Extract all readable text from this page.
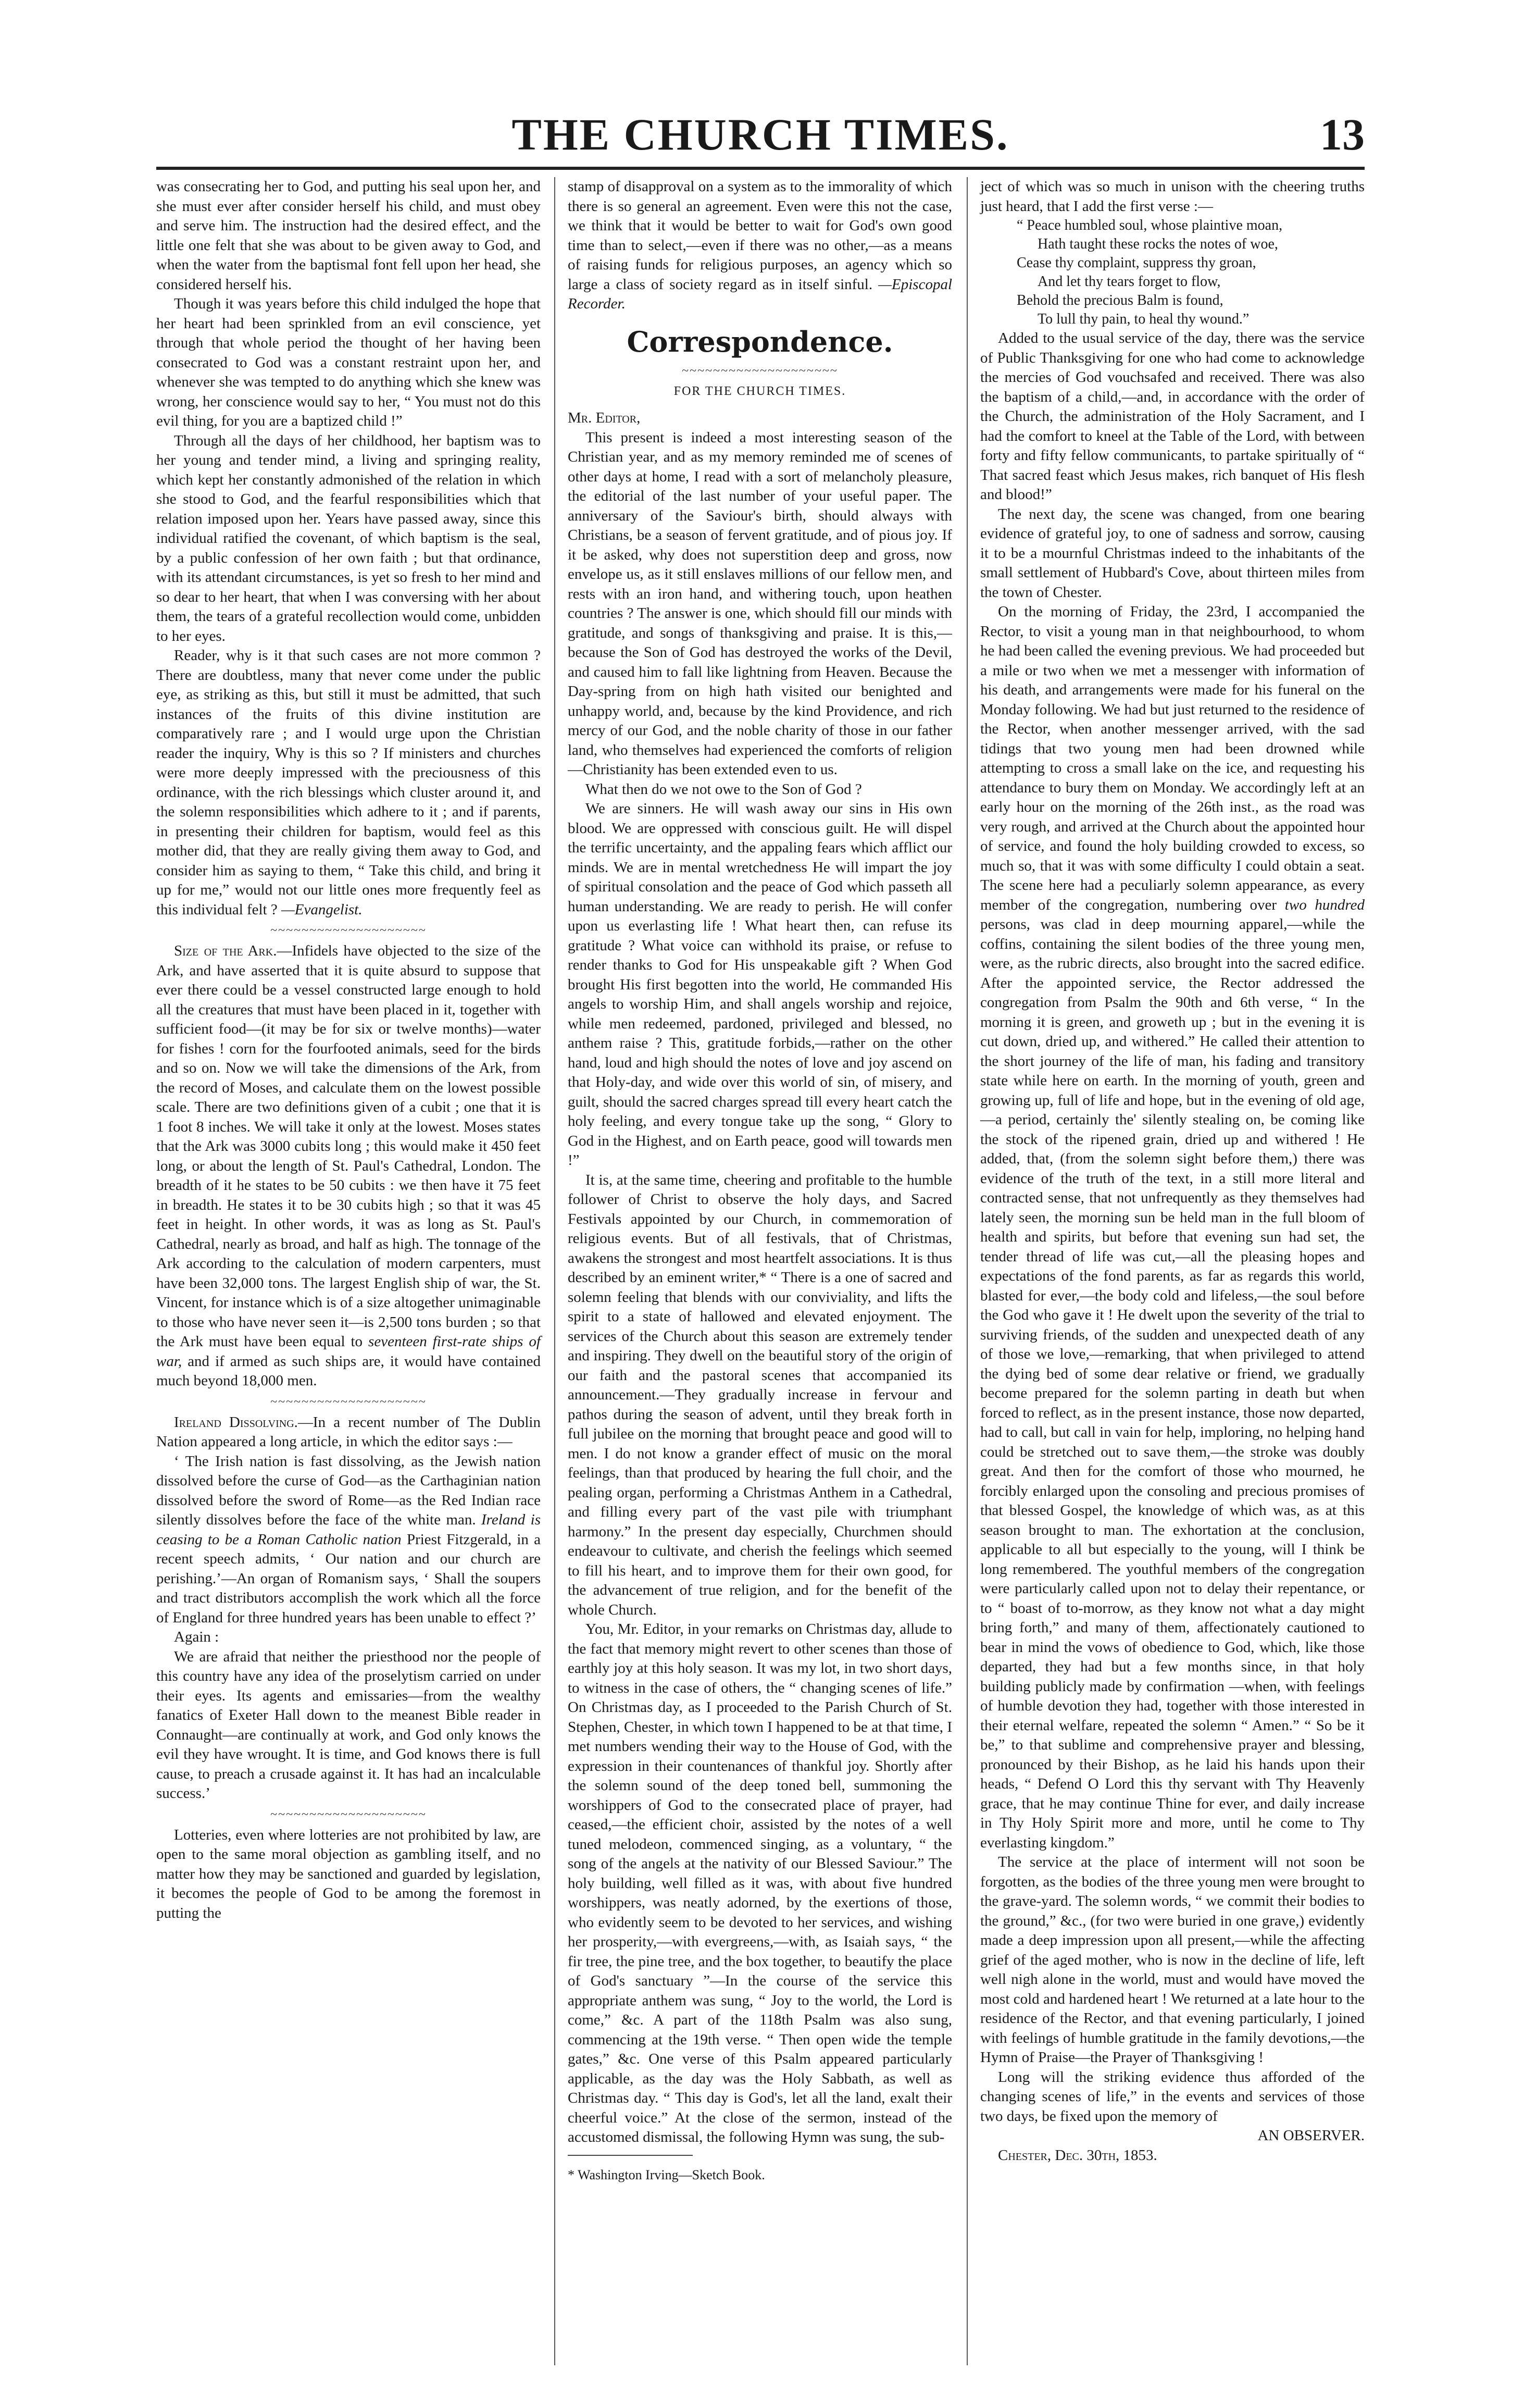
THE CHURCH TIMES.	13

was consecrating her to God, and putting his seal upon her, and she must ever after consider herself his child, and must obey and serve him. The instruction had the desired effect, and the little one felt that she was about to be given away to God, and when the water from the baptismal font fell upon her head, she considered herself his.

Though it was years before this child indulged the hope that her heart had been sprinkled from an evil conscience, yet through that whole period the thought of her having been consecrated to God was a constant restraint upon her, and whenever she was tempted to do anything which she knew was wrong, her conscience would say to her, “ You must not do this evil thing, for you are a baptized child !”

Through all the days of her childhood, her baptism was to her young and tender mind, a living and springing reality, which kept her constantly admonished of the relation in which she stood to God, and the fearful responsibilities which that relation imposed upon her. Years have passed away, since this individual ratified the covenant, of which baptism is the seal, by a public confession of her own faith ; but that ordinance, with its attendant circumstances, is yet so fresh to her mind and so dear to her heart, that when I was conversing with her about them, the tears of a grateful recollection would come, unbidden to her eyes.

Reader, why is it that such cases are not more common ? There are doubtless, many that never come under the public eye, as striking as this, but still it must be admitted, that such instances of the fruits of this divine institution are comparatively rare ; and I would urge upon the Christian reader the inquiry, Why is this so ? If ministers and churches were more deeply impressed with the preciousness of this ordinance, with the rich blessings which cluster around it, and the solemn responsibilities which adhere to it ; and if parents, in presenting their children for baptism, would feel as this mother did, that they are really giving them away to God, and consider him as saying to them, “ Take this child, and bring it up for me,” would not our little ones more frequently feel as this individual felt ? —Evangelist.

~~~~~~~~~~~~~~~~~~~~

Size of the Ark.—Infidels have objected to the size of the Ark, and have asserted that it is quite absurd to suppose that ever there could be a vessel constructed large enough to hold all the creatures that must have been placed in it, together with sufficient food—(it may be for six or twelve months)—water for fishes ! corn for the fourfooted animals, seed for the birds and so on. Now we will take the dimensions of the Ark, from the record of Moses, and calculate them on the lowest possible scale. There are two definitions given of a cubit ; one that it is 1 foot 8 inches. We will take it only at the lowest. Moses states that the Ark was 3000 cubits long ; this would make it 450 feet long, or about the length of St. Paul's Cathedral, London. The breadth of it he states to be 50 cubits : we then have it 75 feet in breadth. He states it to be 30 cubits high ; so that it was 45 feet in height. In other words, it was as long as St. Paul's Cathedral, nearly as broad, and half as high. The tonnage of the Ark according to the calculation of modern carpenters, must have been 32,000 tons. The largest English ship of war, the St. Vincent, for instance which is of a size altogether unimaginable to those who have never seen it—is 2,500 tons burden ; so that the Ark must have been equal to seventeen first-rate ships of war, and if armed as such ships are, it would have contained much beyond 18,000 men.

~~~~~~~~~~~~~~~~~~~~

Ireland Dissolving.—In a recent number of The Dublin Nation appeared a long article, in which the editor says :—

‘ The Irish nation is fast dissolving, as the Jewish nation dissolved before the curse of God—as the Carthaginian nation dissolved before the sword of Rome—as the Red Indian race silently dissolves before the face of the white man. Ireland is ceasing to be a Roman Catholic nation Priest Fitzgerald, in a recent speech admits, ‘ Our nation and our church are perishing.’—An organ of Romanism says, ‘ Shall the soupers and tract distributors accomplish the work which all the force of England for three hundred years has been unable to effect ?’

Again :

We are afraid that neither the priesthood nor the people of this country have any idea of the proselytism carried on under their eyes. Its agents and emissaries—from the wealthy fanatics of Exeter Hall down to the meanest Bible reader in Connaught—are continually at work, and God only knows the evil they have wrought. It is time, and God knows there is full cause, to preach a crusade against it. It has had an incalculable success.’

~~~~~~~~~~~~~~~~~~~~

Lotteries, even where lotteries are not prohibited by law, are open to the same moral objection as gambling itself, and no matter how they may be sanctioned and guarded by legislation, it becomes the people of God to be among the foremost in putting the

stamp of disapproval on a system as to the immorality of which there is so general an agreement. Even were this not the case, we think that it would be better to wait for God's own good time than to select,—even if there was no other,—as a means of raising funds for religious purposes, an agency which so large a class of society regard as in itself sinful. —Episcopal Recorder.

Correspondence.
~~~~~~~~~~~~~~~~~~~~
FOR THE CHURCH TIMES.

Mr. Editor,

This present is indeed a most interesting season of the Christian year, and as my memory reminded me of scenes of other days at home, I read with a sort of melancholy pleasure, the editorial of the last number of your useful paper. The anniversary of the Saviour's birth, should always with Christians, be a season of fervent gratitude, and of pious joy. If it be asked, why does not superstition deep and gross, now envelope us, as it still enslaves millions of our fellow men, and rests with an iron hand, and withering touch, upon heathen countries ? The answer is one, which should fill our minds with gratitude, and songs of thanksgiving and praise. It is this,—because the Son of God has destroyed the works of the Devil, and caused him to fall like lightning from Heaven. Because the Day-spring from on high hath visited our benighted and unhappy world, and, because by the kind Providence, and rich mercy of our God, and the noble charity of those in our father land, who themselves had experienced the comforts of religion—Christianity has been extended even to us.

What then do we not owe to the Son of God ?

We are sinners. He will wash away our sins in His own blood. We are oppressed with conscious guilt. He will dispel the terrific uncertainty, and the appaling fears which afflict our minds. We are in mental wretchedness He will impart the joy of spiritual consolation and the peace of God which passeth all human understanding. We are ready to perish. He will confer upon us everlasting life ! What heart then, can refuse its gratitude ? What voice can withhold its praise, or refuse to render thanks to God for His unspeakable gift ? When God brought His first begotten into the world, He commanded His angels to worship Him, and shall angels worship and rejoice, while men redeemed, pardoned, privileged and blessed, no anthem raise ? This, gratitude forbids,—rather on the other hand, loud and high should the notes of love and joy ascend on that Holy-day, and wide over this world of sin, of misery, and guilt, should the sacred charges spread till every heart catch the holy feeling, and every tongue take up the song, “ Glory to God in the Highest, and on Earth peace, good will towards men !”

It is, at the same time, cheering and profitable to the humble follower of Christ to observe the holy days, and Sacred Festivals appointed by our Church, in commemoration of religious events. But of all festivals, that of Christmas, awakens the strongest and most heartfelt associations. It is thus described by an eminent writer,* “ There is a one of sacred and solemn feeling that blends with our conviviality, and lifts the spirit to a state of hallowed and elevated enjoyment. The services of the Church about this season are extremely tender and inspiring. They dwell on the beautiful story of the origin of our faith and the pastoral scenes that accompanied its announcement.—They gradually increase in fervour and pathos during the season of advent, until they break forth in full jubilee on the morning that brought peace and good will to men. I do not know a grander effect of music on the moral feelings, than that produced by hearing the full choir, and the pealing organ, performing a Christmas Anthem in a Cathedral, and filling every part of the vast pile with triumphant harmony.” In the present day especially, Churchmen should endeavour to cultivate, and cherish the feelings which seemed to fill his heart, and to improve them for their own good, for the advancement of true religion, and for the benefit of the whole Church.

You, Mr. Editor, in your remarks on Christmas day, allude to the fact that memory might revert to other scenes than those of earthly joy at this holy season. It was my lot, in two short days, to witness in the case of others, the “ changing scenes of life.” On Christmas day, as I proceeded to the Parish Church of St. Stephen, Chester, in which town I happened to be at that time, I met numbers wending their way to the House of God, with the expression in their countenances of thankful joy. Shortly after the solemn sound of the deep toned bell, summoning the worshippers of God to the consecrated place of prayer, had ceased,—the efficient choir, assisted by the notes of a well tuned melodeon, commenced singing, as a voluntary, “ the song of the angels at the nativity of our Blessed Saviour.” The holy building, well filled as it was, with about five hundred worshippers, was neatly adorned, by the exertions of those, who evidently seem to be devoted to her services, and wishing her prosperity,—with evergreens,—with, as Isaiah says, “ the fir tree, the pine tree, and the box together, to beautify the place of God's sanctuary ”—In the course of the service this appropriate anthem was sung, “ Joy to the world, the Lord is come,” &c. A part of the 118th Psalm was also sung, commencing at the 19th verse. “ Then open wide the temple gates,” &c. One verse of this Psalm appeared particularly applicable, as the day was the Holy Sabbath, as well as Christmas day. “ This day is God's, let all the land, exalt their cheerful voice.” At the close of the sermon, instead of the accustomed dismissal, the following Hymn was sung, the sub-

* Washington Irving—Sketch Book.

ject of which was so much in unison with the cheering truths just heard, that I add the first verse :—

“ Peace humbled soul, whose plaintive moan,

Hath taught these rocks the notes of woe,

Cease thy complaint, suppress thy groan,

And let thy tears forget to flow,

Behold the precious Balm is found,

To lull thy pain, to heal thy wound.”

Added to the usual service of the day, there was the service of Public Thanksgiving for one who had come to acknowledge the mercies of God vouchsafed and received. There was also the baptism of a child,—and, in accordance with the order of the Church, the administration of the Holy Sacrament, and I had the comfort to kneel at the Table of the Lord, with between forty and fifty fellow communicants, to partake spiritually of “ That sacred feast which Jesus makes, rich banquet of His flesh and blood!”

The next day, the scene was changed, from one bearing evidence of grateful joy, to one of sadness and sorrow, causing it to be a mournful Christmas indeed to the inhabitants of the small settlement of Hubbard's Cove, about thirteen miles from the town of Chester.

On the morning of Friday, the 23rd, I accompanied the Rector, to visit a young man in that neighbourhood, to whom he had been called the evening previous. We had proceeded but a mile or two when we met a messenger with information of his death, and arrangements were made for his funeral on the Monday following. We had but just returned to the residence of the Rector, when another messenger arrived, with the sad tidings that two young men had been drowned while attempting to cross a small lake on the ice, and requesting his attendance to bury them on Monday. We accordingly left at an early hour on the morning of the 26th inst., as the road was very rough, and arrived at the Church about the appointed hour of service, and found the holy building crowded to excess, so much so, that it was with some difficulty I could obtain a seat. The scene here had a peculiarly solemn appearance, as every member of the congregation, numbering over two hundred persons, was clad in deep mourning apparel,—while the coffins, containing the silent bodies of the three young men, were, as the rubric directs, also brought into the sacred edifice. After the appointed service, the Rector addressed the congregation from Psalm the 90th and 6th verse, “ In the morning it is green, and groweth up ; but in the evening it is cut down, dried up, and withered.” He called their attention to the short journey of the life of man, his fading and transitory state while here on earth. In the morning of youth, green and growing up, full of life and hope, but in the evening of old age,—a period, certainly the' silently stealing on, be coming like the stock of the ripened grain, dried up and withered ! He added, that, (from the solemn sight before them,) there was evidence of the truth of the text, in a still more literal and contracted sense, that not unfrequently as they themselves had lately seen, the morning sun be held man in the full bloom of health and spirits, but before that evening sun had set, the tender thread of life was cut,—all the pleasing hopes and expectations of the fond parents, as far as regards this world, blasted for ever,—the body cold and lifeless,—the soul before the God who gave it ! He dwelt upon the severity of the trial to surviving friends, of the sudden and unexpected death of any of those we love,—remarking, that when privileged to attend the dying bed of some dear relative or friend, we gradually become prepared for the solemn parting in death but when forced to reflect, as in the present instance, those now departed, had to call, but call in vain for help, imploring, no helping hand could be stretched out to save them,—the stroke was doubly great. And then for the comfort of those who mourned, he forcibly enlarged upon the consoling and precious promises of that blessed Gospel, the knowledge of which was, as at this season brought to man. The exhortation at the conclusion, applicable to all but especially to the young, will I think be long remembered. The youthful members of the congregation were particularly called upon not to delay their repentance, or to “ boast of to-morrow, as they know not what a day might bring forth,” and many of them, affectionately cautioned to bear in mind the vows of obedience to God, which, like those departed, they had but a few months since, in that holy building publicly made by confirmation —when, with feelings of humble devotion they had, together with those interested in their eternal welfare, repeated the solemn “ Amen.” “ So be it be,” to that sublime and comprehensive prayer and blessing, pronounced by their Bishop, as he laid his hands upon their heads, “ Defend O Lord this thy servant with Thy Heavenly grace, that he may continue Thine for ever, and daily increase in Thy Holy Spirit more and more, until he come to Thy everlasting kingdom.”

The service at the place of interment will not soon be forgotten, as the bodies of the three young men were brought to the grave-yard. The solemn words, “ we commit their bodies to the ground,” &c., (for two were buried in one grave,) evidently made a deep impression upon all present,—while the affecting grief of the aged mother, who is now in the decline of life, left well nigh alone in the world, must and would have moved the most cold and hardened heart ! We returned at a late hour to the residence of the Rector, and that evening particularly, I joined with feelings of humble gratitude in the family devotions,—the Hymn of Praise—the Prayer of Thanksgiving !

Long will the striking evidence thus afforded of the changing scenes of life,” in the events and services of those two days, be fixed upon the memory of

AN OBSERVER.

Chester, Dec. 30th, 1853.
